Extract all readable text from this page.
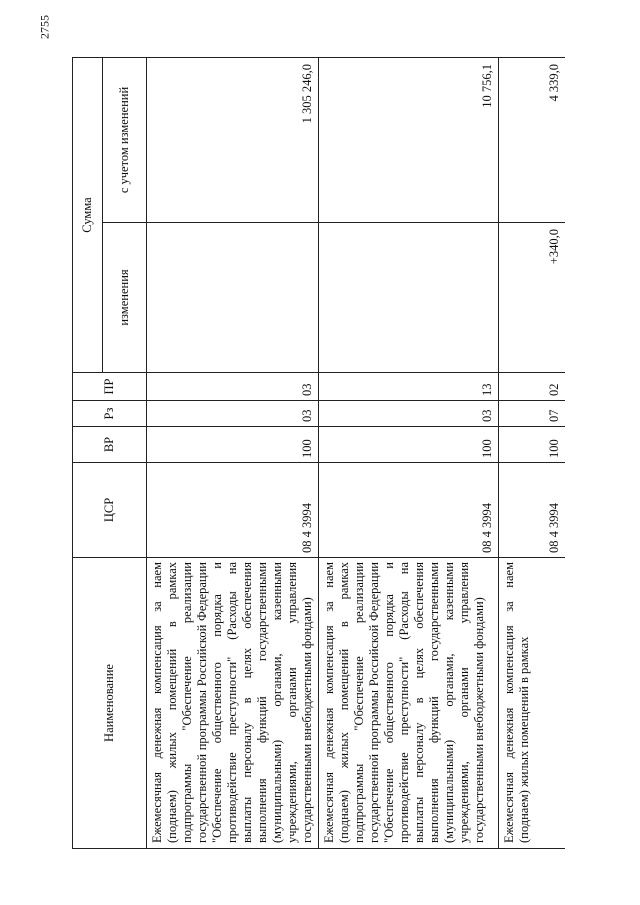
2755
Наименование	ЦСР	ВР	Рз	ПР	Сумма	
					изменения	с учетом изменений
Ежемесячная денежная компенсация за наем (поднаем) жилых помещений в рамках подпрограммы "Обеспечение реализации государственной программы Российской Федерации "Обеспечение общественного порядка и противодействие преступности" (Расходы на выплаты персоналу в целях обеспечения выполнения функций государственными (муниципальными) органами, казенными учреждениями, органами управления государственными внебюджетными фондами)	08 4 3994	100	03	03		1 305 246,0
Ежемесячная денежная компенсация за наем (поднаем) жилых помещений в рамках подпрограммы "Обеспечение реализации государственной программы Российской Федерации "Обеспечение общественного порядка и противодействие преступности" (Расходы на выплаты персоналу в целях обеспечения выполнения функций государственными (муниципальными) органами, казенными учреждениями, органами управления государственными внебюджетными фондами)	08 4 3994	100	03	13		10 756,1
Ежемесячная денежная компенсация за наем (поднаем) жилых помещений в рамках	08 4 3994	100	07	02	+340,0	4 339,0
